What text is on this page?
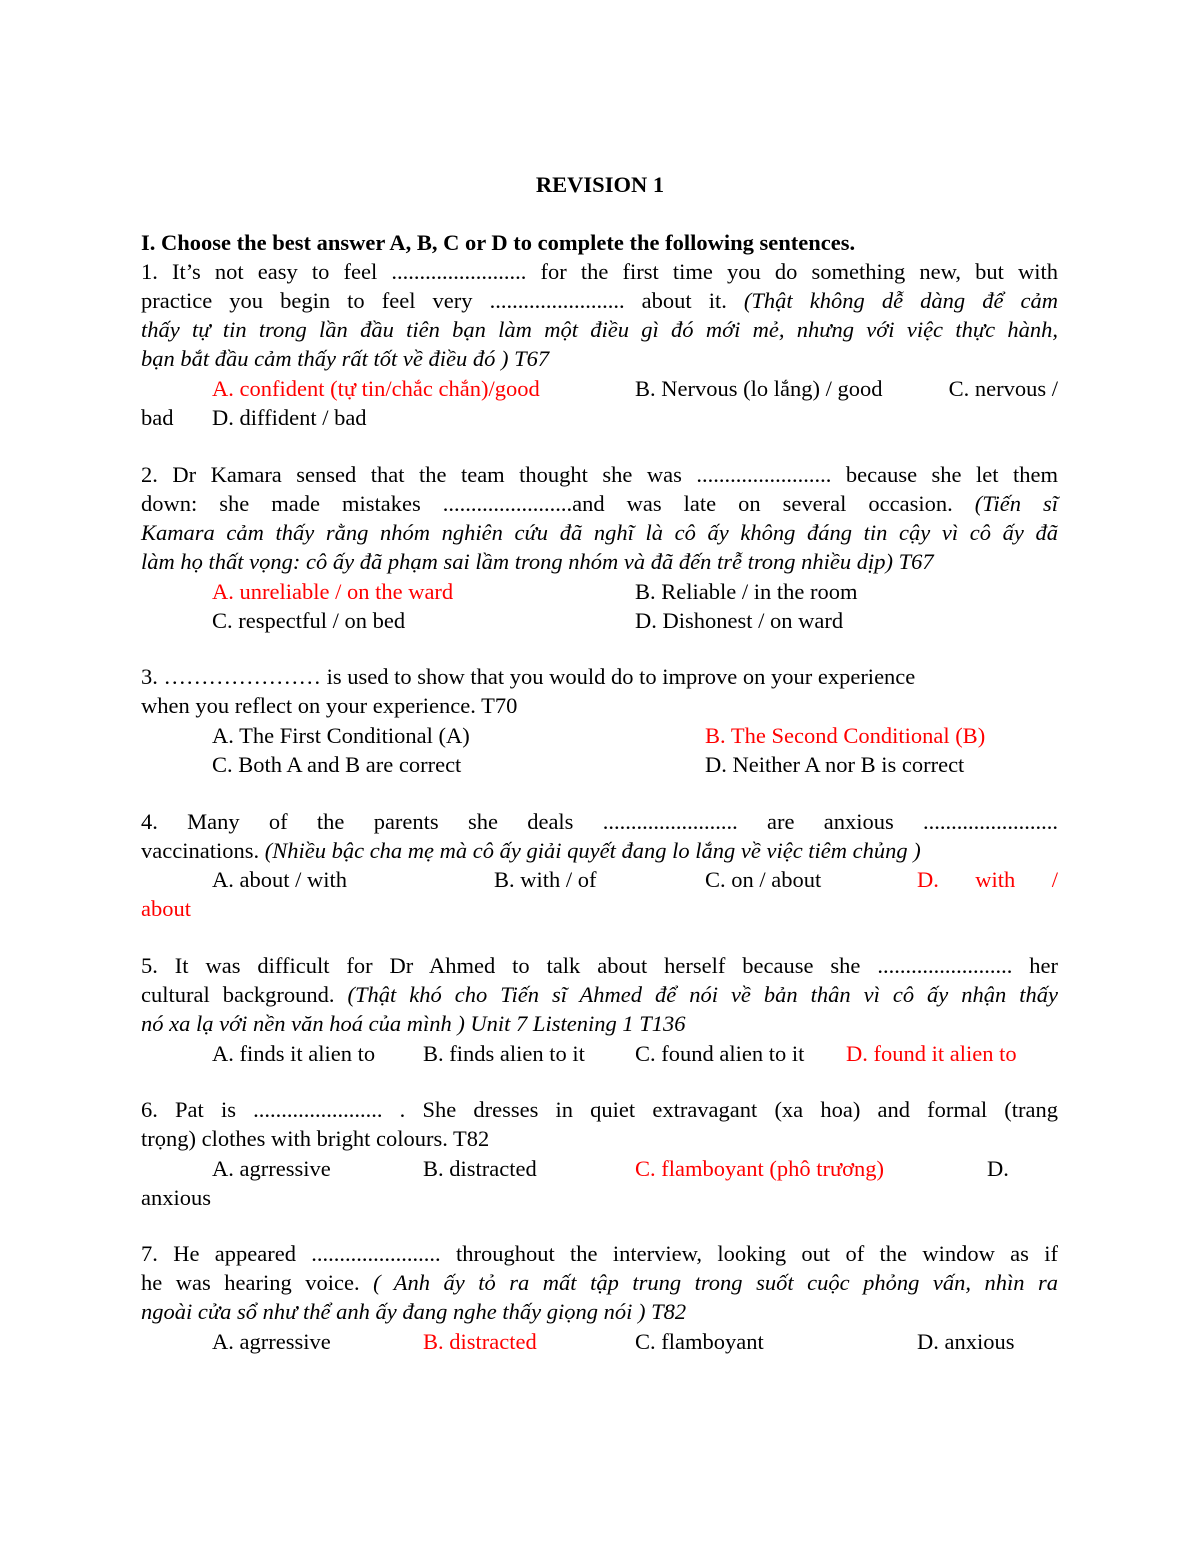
REVISION 1
I. Choose the best answer A, B, C or D to complete the following sentences.
1. It’s not easy to feel ........................ for the first time you do something new, but with
practice you begin to feel very ........................ about it. (Thật không dễ dàng để cảm
thấy tự tin trong lần đầu tiên bạn làm một điều gì đó mới mẻ, nhưng với việc thực hành,
bạn bắt đầu cảm thấy rất tốt về điều đó ) T67
A. confident (tự tin/chắc chắn)/good	B. Nervous (lo lắng) / good	C. nervous /
bad D. diffident / bad
2. Dr Kamara sensed that the team thought she was ........................ because she let them
down: she made mistakes .......................and was late on several occasion. (Tiến sĩ
Kamara cảm thấy rằng nhóm nghiên cứu đã nghĩ là cô ấy không đáng tin cậy vì cô ấy đã
làm họ thất vọng: cô ấy đã phạm sai lầm trong nhóm và đã đến trễ trong nhiều dịp) T67
A. unreliable / on the ward	B. Reliable / in the room
C. respectful / on bed	D. Dishonest / on ward
3. ………………… is used to show that you would do to improve on your experience
when you reflect on your experience. T70
A. The First Conditional (A)	B. The Second Conditional (B)
C. Both A and B are correct	D. Neither A nor B is correct
4. Many of the parents she deals ........................ are anxious ........................
vaccinations. (Nhiều bậc cha mẹ mà cô ấy giải quyết đang lo lắng về việc tiêm chủng )
A. about / with	B. with / of	C. on / about	D.    with    /
about
5. It was difficult for Dr Ahmed to talk about herself because she ........................ her
cultural background. (Thật khó cho Tiến sĩ Ahmed để nói về bản thân vì cô ấy nhận thấy
nó xa lạ với nền văn hoá của mình ) Unit 7 Listening 1 T136
A. finds it alien to B. finds alien to it C. found alien to it D. found it alien to
6. Pat is ....................... . She dresses in quiet extravagant (xa hoa) and formal (trang
trọng) clothes with bright colours. T82
A. agrressive	B. distracted	C. flamboyant (phô trương)	D.
anxious
7. He appeared ....................... throughout the interview, looking out of the window as if
he was hearing voice. ( Anh ấy tỏ ra mất tập trung trong suốt cuộc phỏng vấn, nhìn ra
ngoài cửa sổ như thể anh ấy đang nghe thấy giọng nói ) T82
A. agrressive	B. distracted	C. flamboyant	D. anxious
